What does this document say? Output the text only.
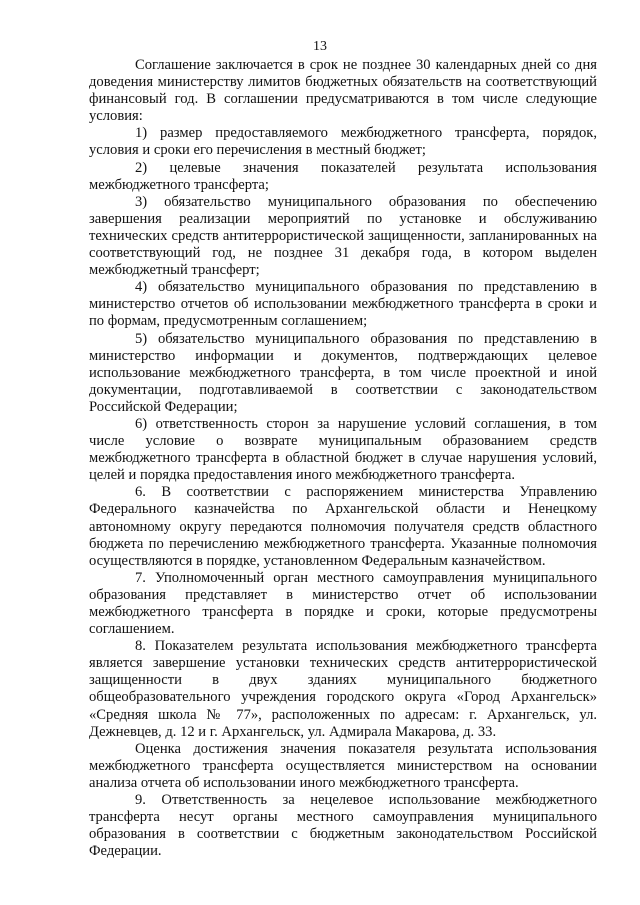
13

Соглашение заключается в срок не позднее 30 календарных дней со дня доведения министерству лимитов бюджетных обязательств на соответствующий финансовый год. В соглашении предусматриваются в том числе следующие условия:

1) размер предоставляемого межбюджетного трансферта, порядок, условия и сроки его перечисления в местный бюджет;

2) целевые значения показателей результата использования межбюджетного трансферта;

3) обязательство муниципального образования по обеспечению завершения реализации мероприятий по установке и обслуживанию технических средств антитеррористической защищенности, запланированных на соответствующий год, не позднее 31 декабря года, в котором выделен межбюджетный трансферт;

4) обязательство муниципального образования по представлению в министерство отчетов об использовании межбюджетного трансферта в сроки и по формам, предусмотренным соглашением;

5) обязательство муниципального образования по представлению в министерство информации и документов, подтверждающих целевое использование межбюджетного трансферта, в том числе проектной и иной документации, подготавливаемой в соответствии с законодательством Российской Федерации;

6) ответственность сторон за нарушение условий соглашения, в том числе условие о возврате муниципальным образованием средств межбюджетного трансферта в областной бюджет в случае нарушения условий, целей и порядка предоставления иного межбюджетного трансферта.

6. В соответствии с распоряжением министерства Управлению Федерального казначейства по Архангельской области и Ненецкому автономному округу передаются полномочия получателя средств областного бюджета по перечислению межбюджетного трансферта. Указанные полномочия осуществляются в порядке, установленном Федеральным казначейством.

7. Уполномоченный орган местного самоуправления муниципального образования представляет в министерство отчет об использовании межбюджетного трансферта в порядке и сроки, которые предусмотрены соглашением.

8. Показателем результата использования межбюджетного трансферта является завершение установки технических средств антитеррористической защищенности в двух зданиях муниципального бюджетного общеобразовательного учреждения городского округа «Город Архангельск» «Средняя школа № 77», расположенных по адресам: г. Архангельск, ул. Дежневцев, д. 12 и г. Архангельск, ул. Адмирала Макарова, д. 33.

Оценка достижения значения показателя результата использования межбюджетного трансферта осуществляется министерством на основании анализа отчета об использовании иного межбюджетного трансферта.

9. Ответственность за нецелевое использование межбюджетного трансферта несут органы местного самоуправления муниципального образования в соответствии с бюджетным законодательством Российской Федерации.
